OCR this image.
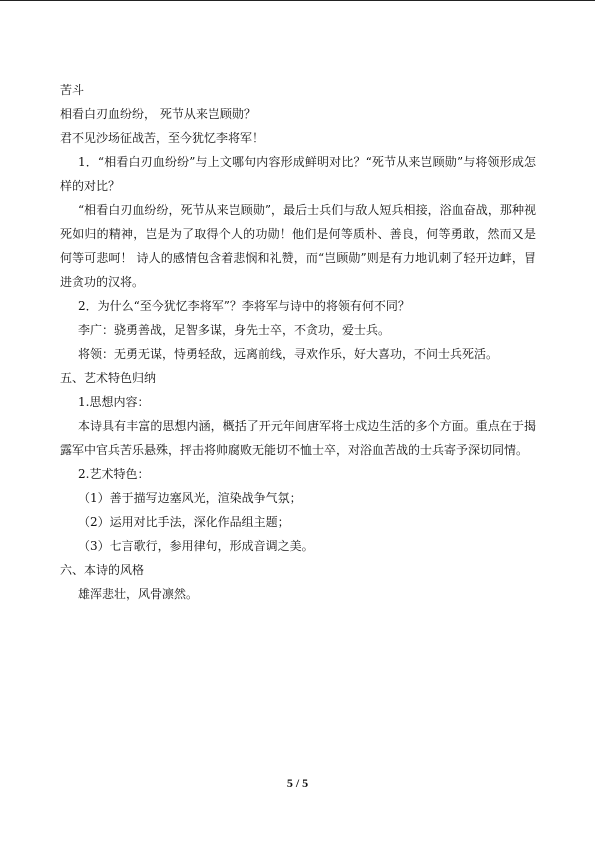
苦斗

相看白刃血纷纷， 死节从来岂顾勋？

君不见沙场征战苦，至今犹忆李将军！

1．“相看白刃血纷纷”与上文哪句内容形成鲜明对比？“死节从来岂顾勋”与将领形成怎样的对比？

“相看白刃血纷纷，死节从来岂顾勋”，最后士兵们与敌人短兵相接，浴血奋战，那种视死如归的精神，岂是为了取得个人的功勋！他们是何等质朴、善良，何等勇敢，然而又是何等可悲呵！ 诗人的感情包含着悲悯和礼赞，而“岂顾勋”则是有力地讥刺了轻开边衅，冒进贪功的汉将。

2．为什么“至今犹忆李将军”？李将军与诗中的将领有何不同？

李广：骁勇善战，足智多谋，身先士卒，不贪功，爱士兵。

将领：无勇无谋，恃勇轻敌，远离前线，寻欢作乐，好大喜功，不问士兵死活。

五、艺术特色归纳

1.思想内容：

本诗具有丰富的思想内涵，概括了开元年间唐军将士戍边生活的多个方面。重点在于揭露军中官兵苦乐悬殊，抨击将帅腐败无能切不恤士卒，对浴血苦战的士兵寄予深切同情。

2.艺术特色：

（1）善于描写边塞风光，渲染战争气氛；

（2）运用对比手法，深化作品组主题；

（3）七言歌行，参用律句，形成音调之美。

六、本诗的风格

雄浑悲壮，风骨凛然。

5 / 5
